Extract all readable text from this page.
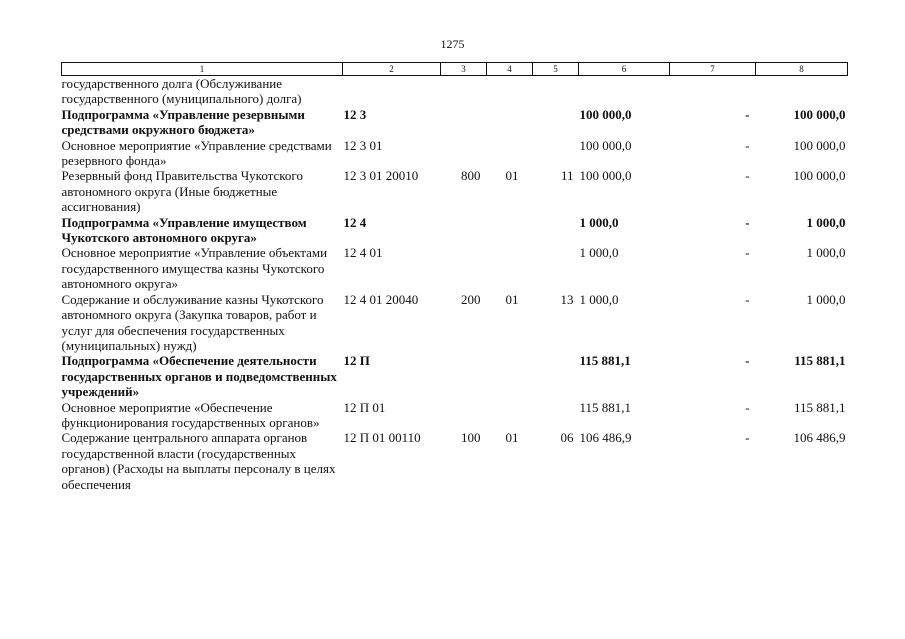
1275
1	2	3	4	5	6	7	8
государственного долга (Обслуживание государственного (муниципального) долга)							
Подпрограмма «Управление резервными средствами окружного бюджета»	12 3				100 000,0	-	100 000,0
Основное мероприятие «Управление средствами резервного фонда»	12 3 01				100 000,0	-	100 000,0
Резервный фонд Правительства Чукотского автономного округа (Иные бюджетные ассигнования)	12 3 01 20010	800	01	11	100 000,0	-	100 000,0
Подпрограмма «Управление имуществом Чукотского автономного округа»	12 4				1 000,0	-	1 000,0
Основное мероприятие «Управление объектами государственного имущества казны Чукотского автономного округа»	12 4 01				1 000,0	-	1 000,0
Содержание и обслуживание казны Чукотского автономного округа (Закупка товаров, работ и услуг для обеспечения государственных (муниципальных) нужд)	12 4 01 20040	200	01	13	1 000,0	-	1 000,0
Подпрограмма «Обеспечение деятельности государственных органов и подведомственных учреждений»	12 П				115 881,1	-	115 881,1
Основное мероприятие «Обеспечение функционирования государственных органов»	12 П 01				115 881,1	-	115 881,1
Содержание центрального аппарата органов государственной власти (государственных органов) (Расходы на выплаты персоналу в целях обеспечения	12 П 01 00110	100	01	06	106 486,9	-	106 486,9
